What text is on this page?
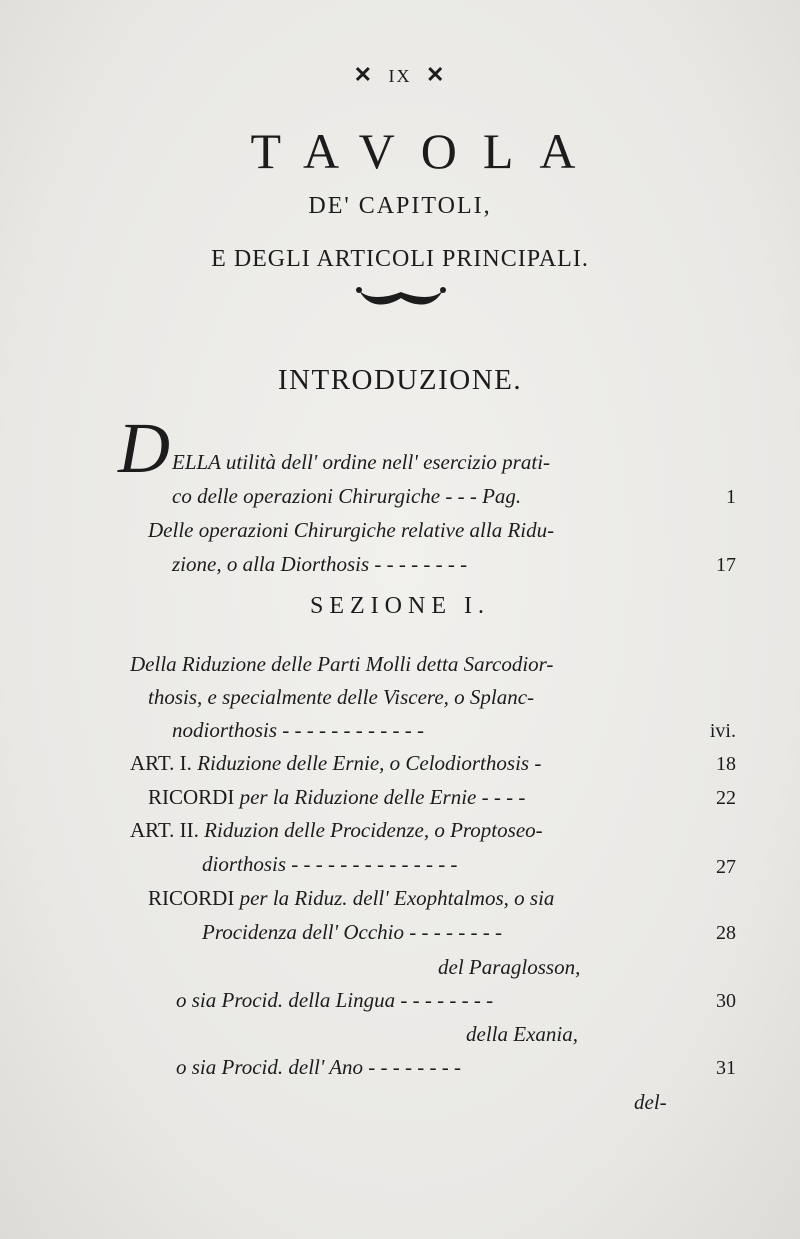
✕ IX ✕
TAVOLA
DE' CAPITOLI,
E DEGLI ARTICOLI PRINCIPALI.
INTRODUZIONE.
D ELLA utilità dell' ordine nell' esercizio prati-
co delle operazioni Chirurgiche - - - Pag.	1
Delle operazioni Chirurgiche relative alla Ridu-
zione, o alla Diorthosis - - - - - - - -	17
SEZIONE I.
Della Riduzione delle Parti Molli detta Sarcodior-
thosis, e specialmente delle Viscere, o Splanc-
nodiorthosis - - - - - - - - - - - -	ivi.
ART. I. Riduzione delle Ernie, o Celodiorthosis -	18
RICORDI per la Riduzione delle Ernie - - - -	22
ART. II. Riduzion delle Procidenze, o Proptoseo-
diorthosis - - - - - - - - - - - - - -	27
RICORDI per la Riduz. dell' Exophtalmos, o sia
Procidenza dell' Occhio - - - - - - - -	28
del Paraglosson,
o sia Procid. della Lingua - - - - - - - -	30
della Exania,
o sia Procid. dell' Ano - - - - - - - -	31
del-
